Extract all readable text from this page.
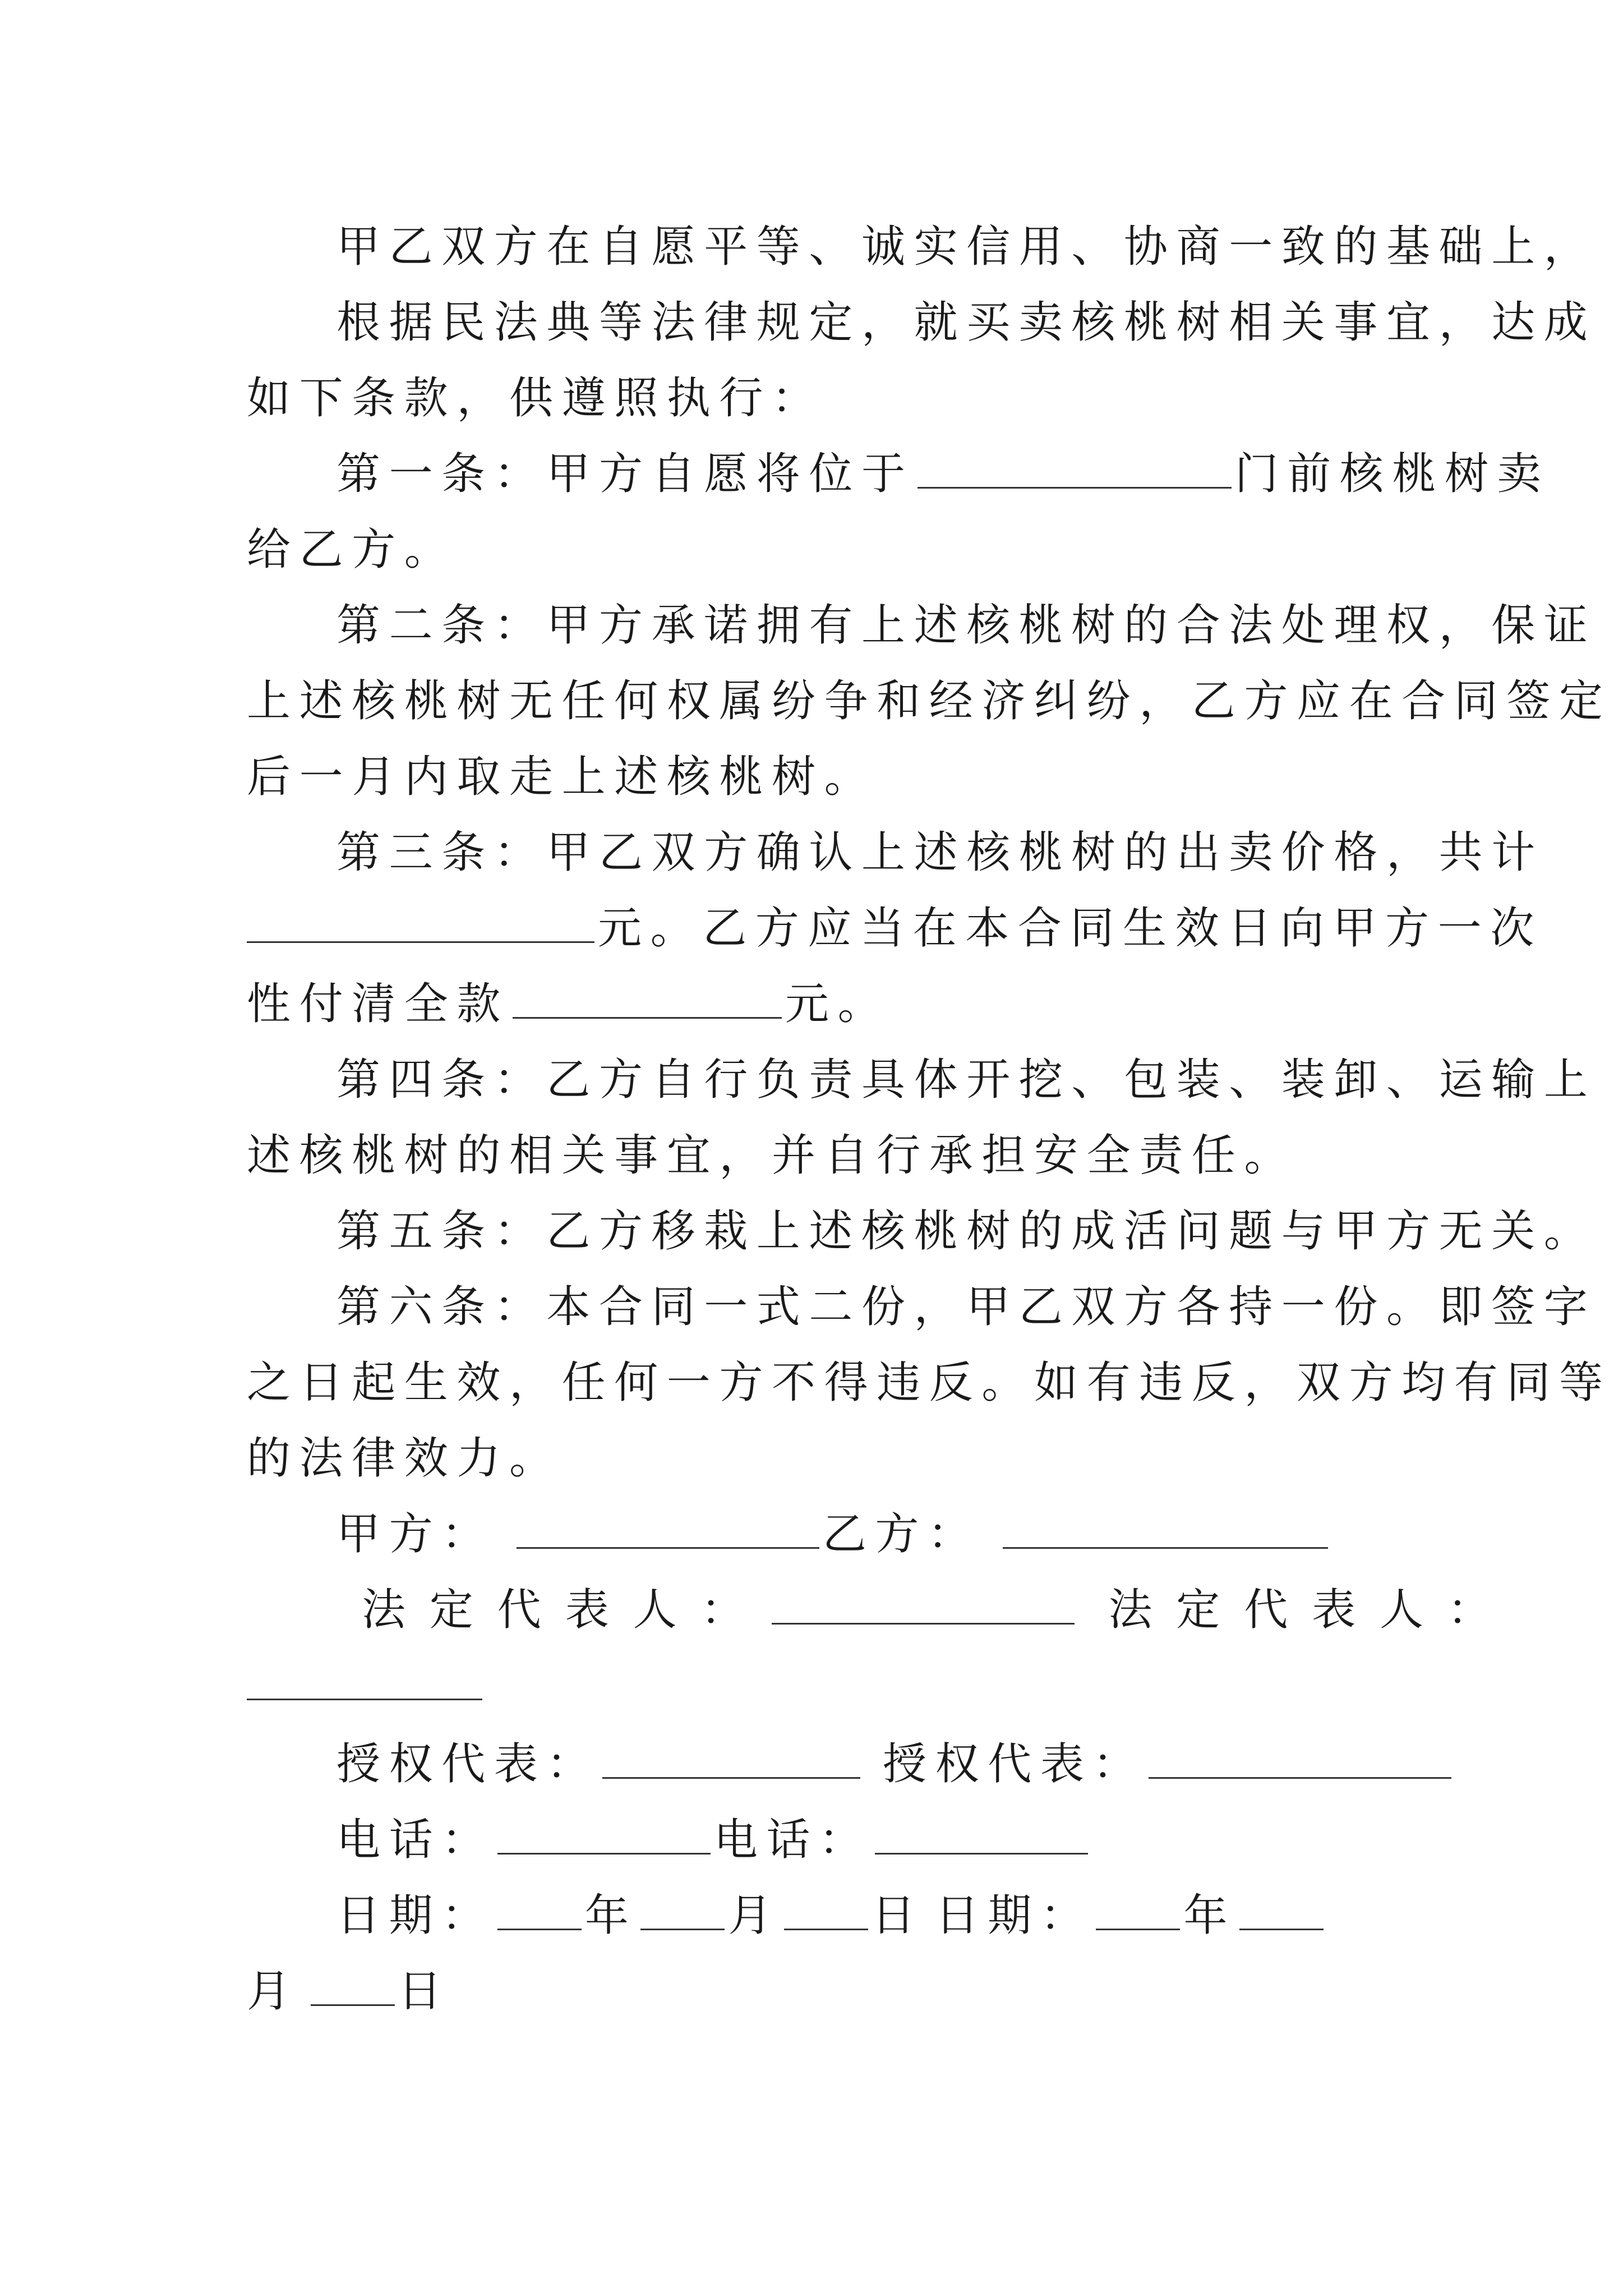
甲乙双方在自愿平等、诚实信用、协商一致的基础上，
根据民法典等法律规定，就买卖核桃树相关事宜，达成
如下条款，供遵照执行：
第一条：甲方自愿将位于	门前核桃树卖
给乙方。
第二条：甲方承诺拥有上述核桃树的合法处理权，保证
上述核桃树无任何权属纷争和经济纠纷，乙方应在合同签定
后一月内取走上述核桃树。
第三条：甲乙双方确认上述核桃树的出卖价格，共计
元。乙方应当在本合同生效日向甲方一次
性付清全款	元。
第四条：乙方自行负责具体开挖、包装、装卸、运输上
述核桃树的相关事宜，并自行承担安全责任。
第五条：乙方移栽上述核桃树的成活问题与甲方无关。
第六条：本合同一式二份，甲乙双方各持一份。即签字
之日起生效，任何一方不得违反。如有违反，双方均有同等
的法律效力。
甲方：	乙方：
法定代表人：	法定代表人：
授权代表：	授权代表：
电话：	电话：
日期： 年 月 日 日期： 年
月 日
